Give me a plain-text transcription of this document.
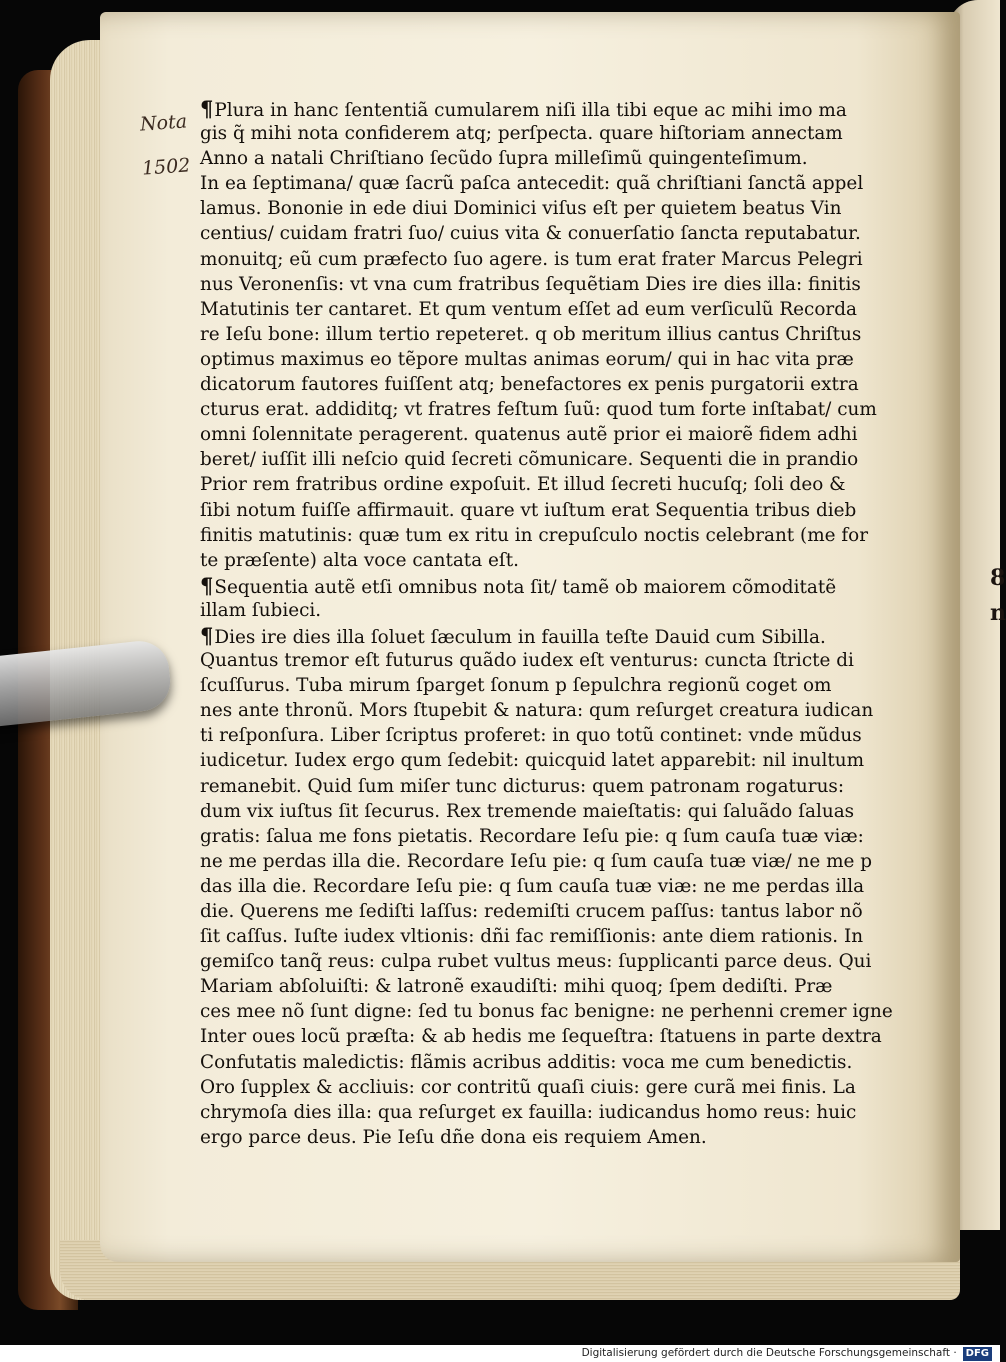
8
n
Nota
1502
¶Plura in hanc ſententiã cumularem niſi illa tibi eque ac mihi imo ma
gis q̃ mihi nota confiderem atq; perſpecta. quare hiſtoriam annectam
Anno a natali Chriſtiano ſecũdo ſupra milleſimũ quingenteſimum.
In ea ſeptimana/ quæ ſacrũ paſca antecedit: quã chriſtiani ſanctã appel
lamus. Bononie in ede diui Dominici viſus eſt per quietem beatus Vin
centius/ cuidam fratri ſuo/ cuius vita & conuerſatio ſancta reputabatur.
monuitq; eũ cum præfecto ſuo agere. is tum erat frater Marcus Pelegri
nus Veronenſis: vt vna cum fratribus ſequẽtiam Dies ire dies illa: finitis
Matutinis ter cantaret. Et qum ventum eſſet ad eum verſiculũ Recorda
re Ieſu bone: illum tertio repeteret. q ob meritum illius cantus Chriſtus
optimus maximus eo tẽpore multas animas eorum/ qui in hac vita præ
dicatorum fautores fuiſſent atq; benefactores ex penis purgatorii extra
cturus erat. addiditq; vt fratres feſtum ſuũ: quod tum forte inſtabat/ cum
omni ſolennitate peragerent. quatenus autẽ prior ei maiorẽ fidem adhi
beret/ iuſſit illi neſcio quid ſecreti cõmunicare. Sequenti die in prandio
Prior rem fratribus ordine expoſuit. Et illud ſecreti hucuſq; ſoli deo &
ſibi notum fuiſſe affirmauit. quare vt iuſtum erat Sequentia tribus dieb
finitis matutinis: quæ tum ex ritu in crepuſculo noctis celebrant (me for
te præſente) alta voce cantata eſt.
¶Sequentia autẽ etſi omnibus nota ſit/ tamẽ ob maiorem cõmoditatẽ
illam ſubieci.
¶Dies ire dies illa ſoluet ſæculum in fauilla teſte Dauid cum Sibilla.
Quantus tremor eſt futurus quãdo iudex eſt venturus: cuncta ſtricte di
ſcuſſurus. Tuba mirum ſparget ſonum p ſepulchra regionũ coget om
nes ante thronũ. Mors ſtupebit & natura: qum reſurget creatura iudican
ti reſponſura. Liber ſcriptus proferet: in quo totũ continet: vnde mũdus
iudicetur. Iudex ergo qum ſedebit: quicquid latet apparebit: nil inultum
remanebit. Quid ſum miſer tunc dicturus: quem patronam rogaturus:
dum vix iuſtus ſit ſecurus. Rex tremende maieſtatis: qui ſaluãdo ſaluas
gratis: ſalua me fons pietatis. Recordare Ieſu pie: q ſum cauſa tuæ viæ:
ne me perdas illa die. Recordare Ieſu pie: q ſum cauſa tuæ viæ/ ne me p
das illa die. Recordare Ieſu pie: q ſum cauſa tuæ viæ: ne me perdas illa
die. Querens me ſediſti laſſus: redemiſti crucem paſſus: tantus labor nõ
ſit caſſus. Iuſte iudex vltionis: dñi fac remiſſionis: ante diem rationis. In
gemiſco tanq̃ reus: culpa rubet vultus meus: ſupplicanti parce deus. Qui
Mariam abſoluiſti: & latronẽ exaudiſti: mihi quoq; ſpem dediſti. Præ
ces mee nõ ſunt digne: ſed tu bonus fac benigne: ne perhenni cremer igne
Inter oues locũ præſta: & ab hedis me ſequeſtra: ſtatuens in parte dextra
Confutatis maledictis: flãmis acribus additis: voca me cum benedictis.
Oro ſupplex & accliuis: cor contritũ quaſi ciuis: gere curã mei finis. La
chrymoſa dies illa: qua reſurget ex fauilla: iudicandus homo reus: huic
ergo parce deus. Pie Ieſu dñe dona eis requiem Amen.
Digitalisierung gefördert durch die Deutsche Forschungsgemeinschaft · DFG
